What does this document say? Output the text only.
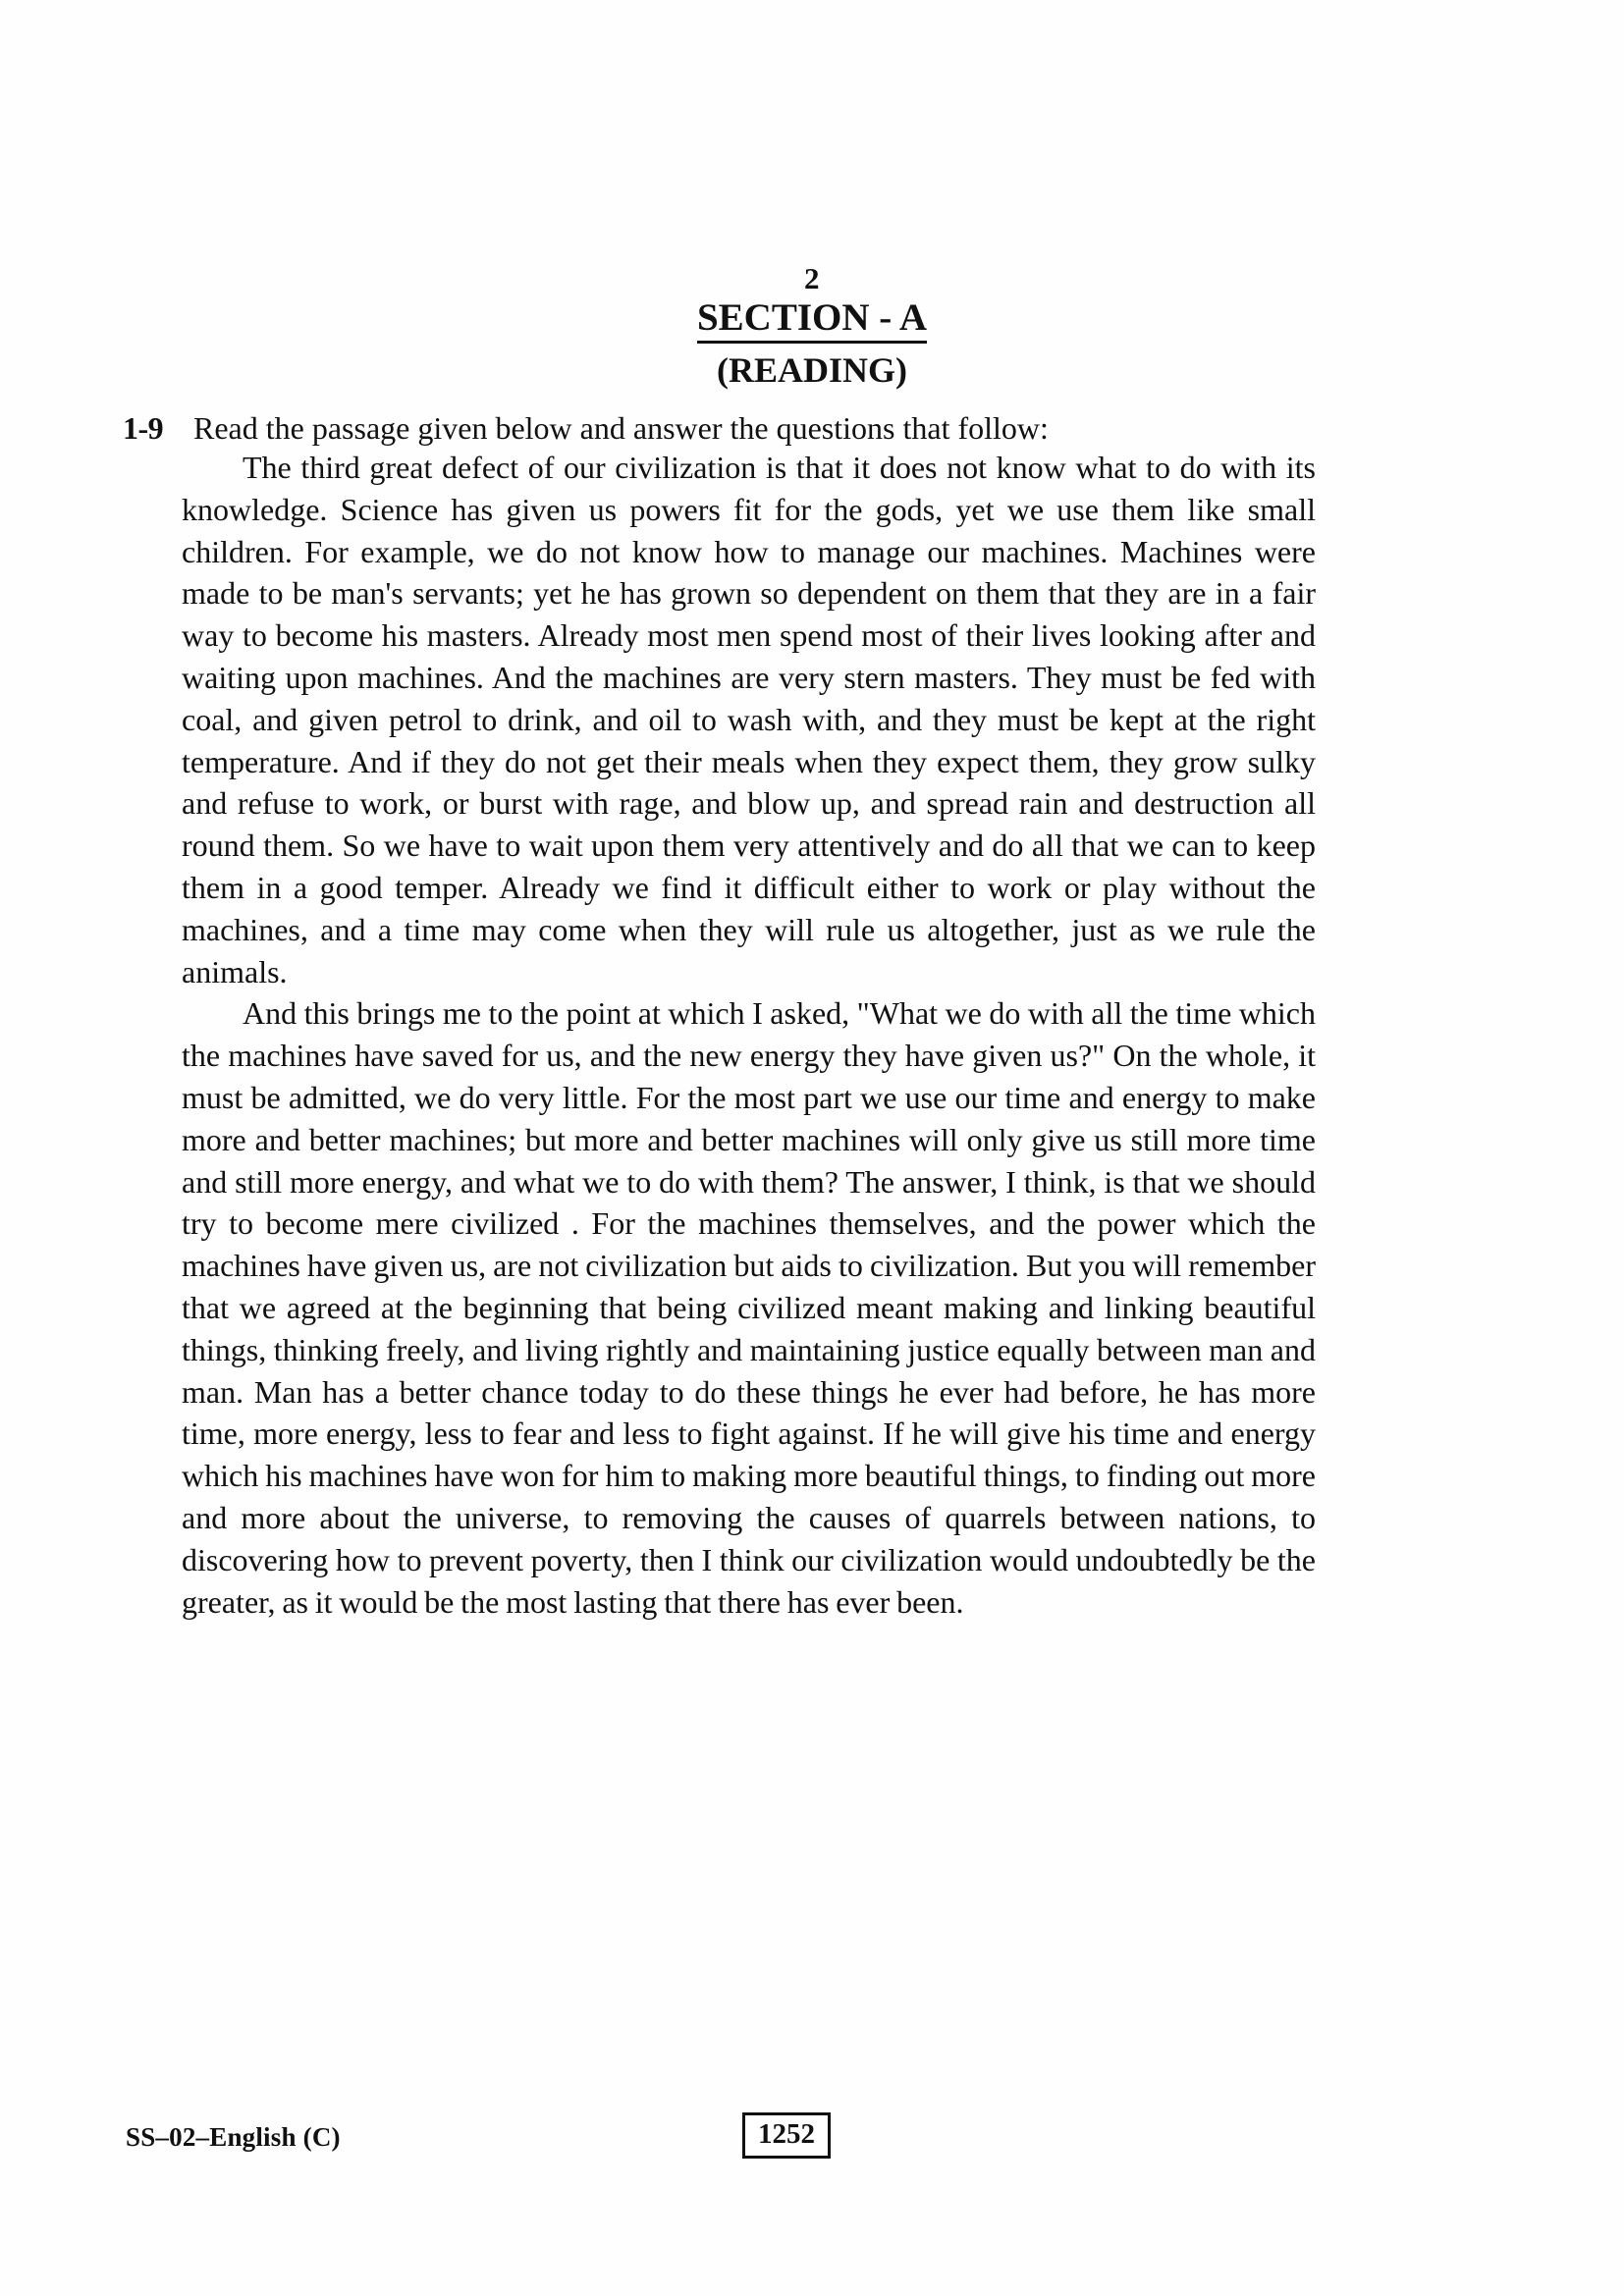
2
SECTION - A
(READING)
1-9 Read the passage given below and answer the questions that follow:

The third great defect of our civilization is that it does not know what to do with its knowledge. Science has given us powers fit for the gods, yet we use them like small children. For example, we do not know how to manage our machines. Machines were made to be man's servants; yet he has grown so dependent on them that they are in a fair way to become his masters. Already most men spend most of their lives looking after and waiting upon machines. And the machines are very stern masters. They must be fed with coal, and given petrol to drink, and oil to wash with, and they must be kept at the right temperature. And if they do not get their meals when they expect them, they grow sulky and refuse to work, or burst with rage, and blow up, and spread rain and destruction all round them. So we have to wait upon them very attentively and do all that we can to keep them in a good temper. Already we find it difficult either to work or play without the machines, and a time may come when they will rule us altogether, just as we rule the animals.

And this brings me to the point at which I asked, "What we do with all the time which the machines have saved for us, and the new energy they have given us?" On the whole, it must be admitted, we do very little. For the most part we use our time and energy to make more and better machines; but more and better machines will only give us still more time and still more energy, and what we to do with them? The answer, I think, is that we should try to become mere civilized . For the machines themselves, and the power which the machines have given us, are not civilization but aids to civilization. But you will remember that we agreed at the beginning that being civilized meant making and linking beautiful things, thinking freely, and living rightly and maintaining justice equally between man and man. Man has a better chance today to do these things he ever had before, he has more time, more energy, less to fear and less to fight against. If he will give his time and energy which his machines have won for him to making more beautiful things, to finding out more and more about the universe, to removing the causes of quarrels between nations, to discovering how to prevent poverty, then I think our civilization would undoubtedly be the greater, as it would be the most lasting that there has ever been.

SS–02–English (C)	1252
